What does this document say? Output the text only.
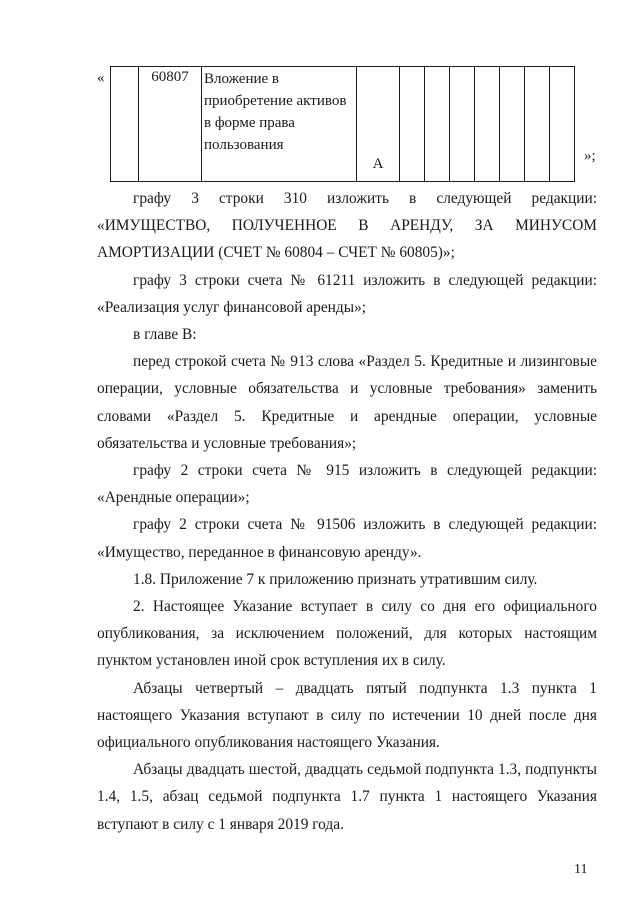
«
		60807	Вложение в приобретение активов в форме права пользования	А								»;

графу 3 строки 310 изложить в следующей редакции: «ИМУЩЕСТВО, ПОЛУЧЕННОЕ В АРЕНДУ, ЗА МИНУСОМ АМОРТИЗАЦИИ (СЧЕТ № 60804 – СЧЕТ № 60805)»;

графу 3 строки счета № 61211 изложить в следующей редакции: «Реализация услуг финансовой аренды»;

в главе В:

перед строкой счета № 913 слова «Раздел 5. Кредитные и лизинговые операции, условные обязательства и условные требования» заменить словами «Раздел 5. Кредитные и арендные операции, условные обязательства и условные требования»;

графу 2 строки счета № 915 изложить в следующей редакции: «Арендные операции»;

графу 2 строки счета № 91506 изложить в следующей редакции: «Имущество, переданное в финансовую аренду».

1.8. Приложение 7 к приложению признать утратившим силу.

2. Настоящее Указание вступает в силу со дня его официального опубликования, за исключением положений, для которых настоящим пунктом установлен иной срок вступления их в силу.

Абзацы четвертый – двадцать пятый подпункта 1.3 пункта 1 настоящего Указания вступают в силу по истечении 10 дней после дня официального опубликования настоящего Указания.

Абзацы двадцать шестой, двадцать седьмой подпункта 1.3, подпункты 1.4, 1.5, абзац седьмой подпункта 1.7 пункта 1 настоящего Указания вступают в силу с 1 января 2019 года.

11
